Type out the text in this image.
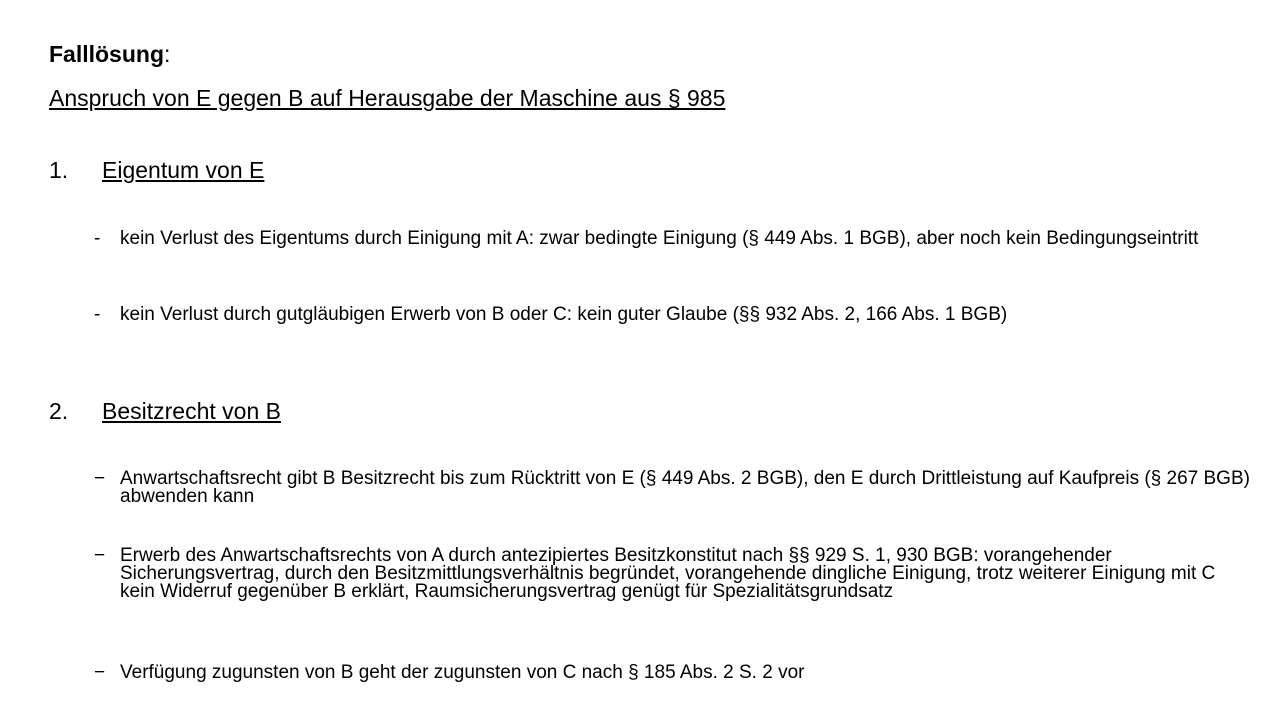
Falllösung:
Anspruch von E gegen B auf Herausgabe der Maschine aus § 985
1. Eigentum von E
-	kein Verlust des Eigentums durch Einigung mit A: zwar bedingte Einigung (§ 449 Abs. 1 BGB), aber noch kein Bedingungseintritt
-	kein Verlust durch gutgläubigen Erwerb von B oder C: kein guter Glaube (§§ 932 Abs. 2, 166 Abs. 1 BGB)
2. Besitzrecht von B
− Anwartschaftsrecht gibt B Besitzrecht bis zum Rücktritt von E (§ 449 Abs. 2 BGB), den E durch Drittleistung auf Kaufpreis (§ 267 BGB) abwenden kann
− Erwerb des Anwartschaftsrechts von A durch antezipiertes Besitzkonstitut nach §§ 929 S. 1, 930 BGB: vorangehender Sicherungsvertrag, durch den Besitzmittlungsverhältnis begründet, vorangehende dingliche Einigung, trotz weiterer Einigung mit C kein Widerruf gegenüber B erklärt, Raumsicherungsvertrag genügt für Spezialitätsgrundsatz
− Verfügung zugunsten von B geht der zugunsten von C nach § 185 Abs. 2 S. 2 vor
